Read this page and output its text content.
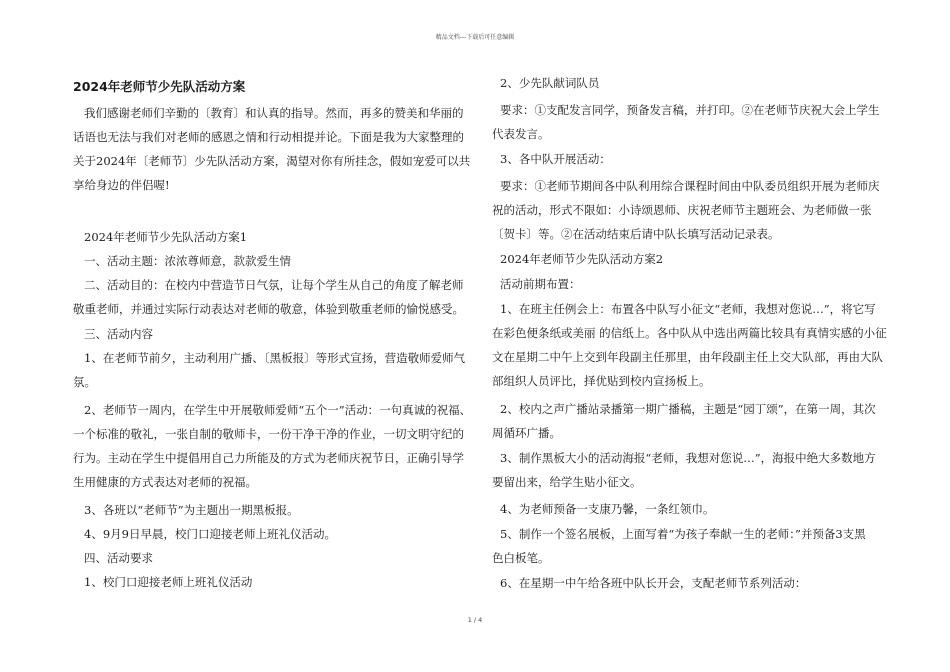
精品文档---下载后可任意编辑
2024年老师节少先队活动方案

我们感谢老师们辛勤的〔教育〕和认真的指导。然而，再多的赞美和华丽的

话语也无法与我们对老师的感恩之情和行动相提并论。下面是我为大家整理的

关于2024年〔老师节〕少先队活动方案，渴望对你有所挂念，假如宠爱可以共

享给身边的伴侣喔!

2024年老师节少先队活动方案1

一、活动主题：浓浓尊师意，款款爱生情

二、活动目的：在校内中营造节日气氛，让每个学生从自己的角度了解老师

敬重老师，并通过实际行动表达对老师的敬意，体验到敬重老师的愉悦感受。

三、活动内容

1、在老师节前夕，主动利用广播、〔黑板报〕等形式宣扬，营造敬师爱师气

氛。

2、老师节一周内，在学生中开展敬师爱师“五个一”活动：一句真诚的祝福、

一个标准的敬礼，一张自制的敬师卡，一份干净干净的作业，一切文明守纪的

行为。主动在学生中提倡用自己力所能及的方式为老师庆祝节日，正确引导学

生用健康的方式表达对老师的祝福。

3、各班以“老师节”为主题出一期黑板报。

4、9月9日早晨，校门口迎接老师上班礼仪活动。

四、活动要求

1、校门口迎接老师上班礼仪活动

2、少先队献词队员

要求：①支配发言同学，预备发言稿，并打印。②在老师节庆祝大会上学生

代表发言。

3、各中队开展活动：

要求：①老师节期间各中队利用综合课程时间由中队委员组织开展为老师庆

祝的活动，形式不限如：小诗颂恩师、庆祝老师节主题班会、为老师做一张

〔贺卡〕等。②在活动结束后请中队长填写活动记录表。

2024年老师节少先队活动方案2

活动前期布置：

1、在班主任例会上：布置各中队写小征文“老师，我想对您说…”，将它写

在彩色便条纸或美丽 的信纸上。各中队从中选出两篇比较具有真情实感的小征

文在星期二中午上交到年段副主任那里，由年段副主任上交大队部，再由大队

部组织人员评比，择优贴到校内宣扬板上。

2、校内之声广播站录播第一期广播稿，主题是“园丁颂”，在第一周，其次

周循环广播。

3、制作黑板大小的活动海报“老师，我想对您说…”，海报中绝大多数地方

要留出来，给学生贴小征文。

4、为老师预备一支康乃馨，一条红领巾。

5、制作一个签名展板，上面写着“为孩子奉献一生的老师：”并预备3支黑

色白板笔。

6、在星期一中午给各班中队长开会，支配老师节系列活动：

1 / 4
